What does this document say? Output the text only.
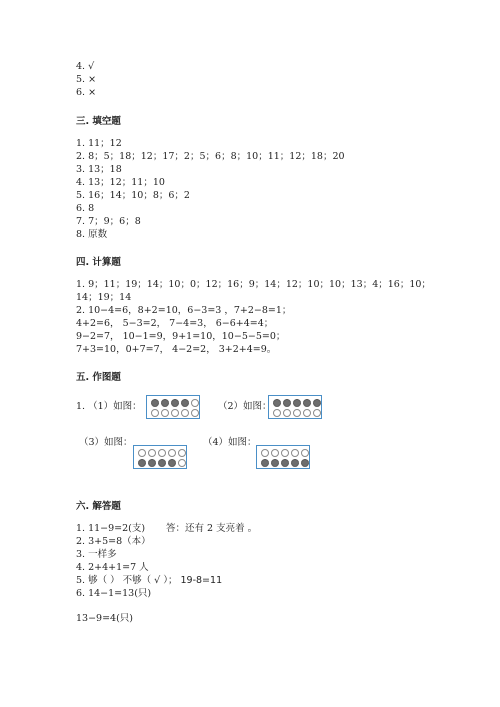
4. √
5. ×
6. ×
三. 填空题
1. 11；12
2. 8；5；18；12；17；2；5；6；8；10；11；12；18；20
3. 13；18
4. 13；12；11；10
5. 16；14；10；8；6；2
6. 8
7. 7；9；6；8
8. 原数
四. 计算题
1. 9；11；19；14；10；0；12；16；9；14；12；10；10；13；4；16；10；
14；19；14
2. 10−4=6，8+2=10，6−3=3 ，7+2−8=1；
4+2=6， 5−3=2， 7−4=3， 6−6+4=4；
9−2=7， 10−1=9，9+1=10，10−5−5=0；
7+3=10，0+7=7， 4−2=2， 3+2+4=9。
五. 作图题
1. （1）如图：	（2）如图：
（3）如图：	（4）如图：
六. 解答题
1. 11−9=2(支) 答：还有 2 支亮着 。
2. 3+5=8（本）
3. 一样多
4. 2+4+1=7 人
5. 够（ ） 不够（ √ ）； 19-8=11
6. 14−1=13(只)
13−9=4(只)
